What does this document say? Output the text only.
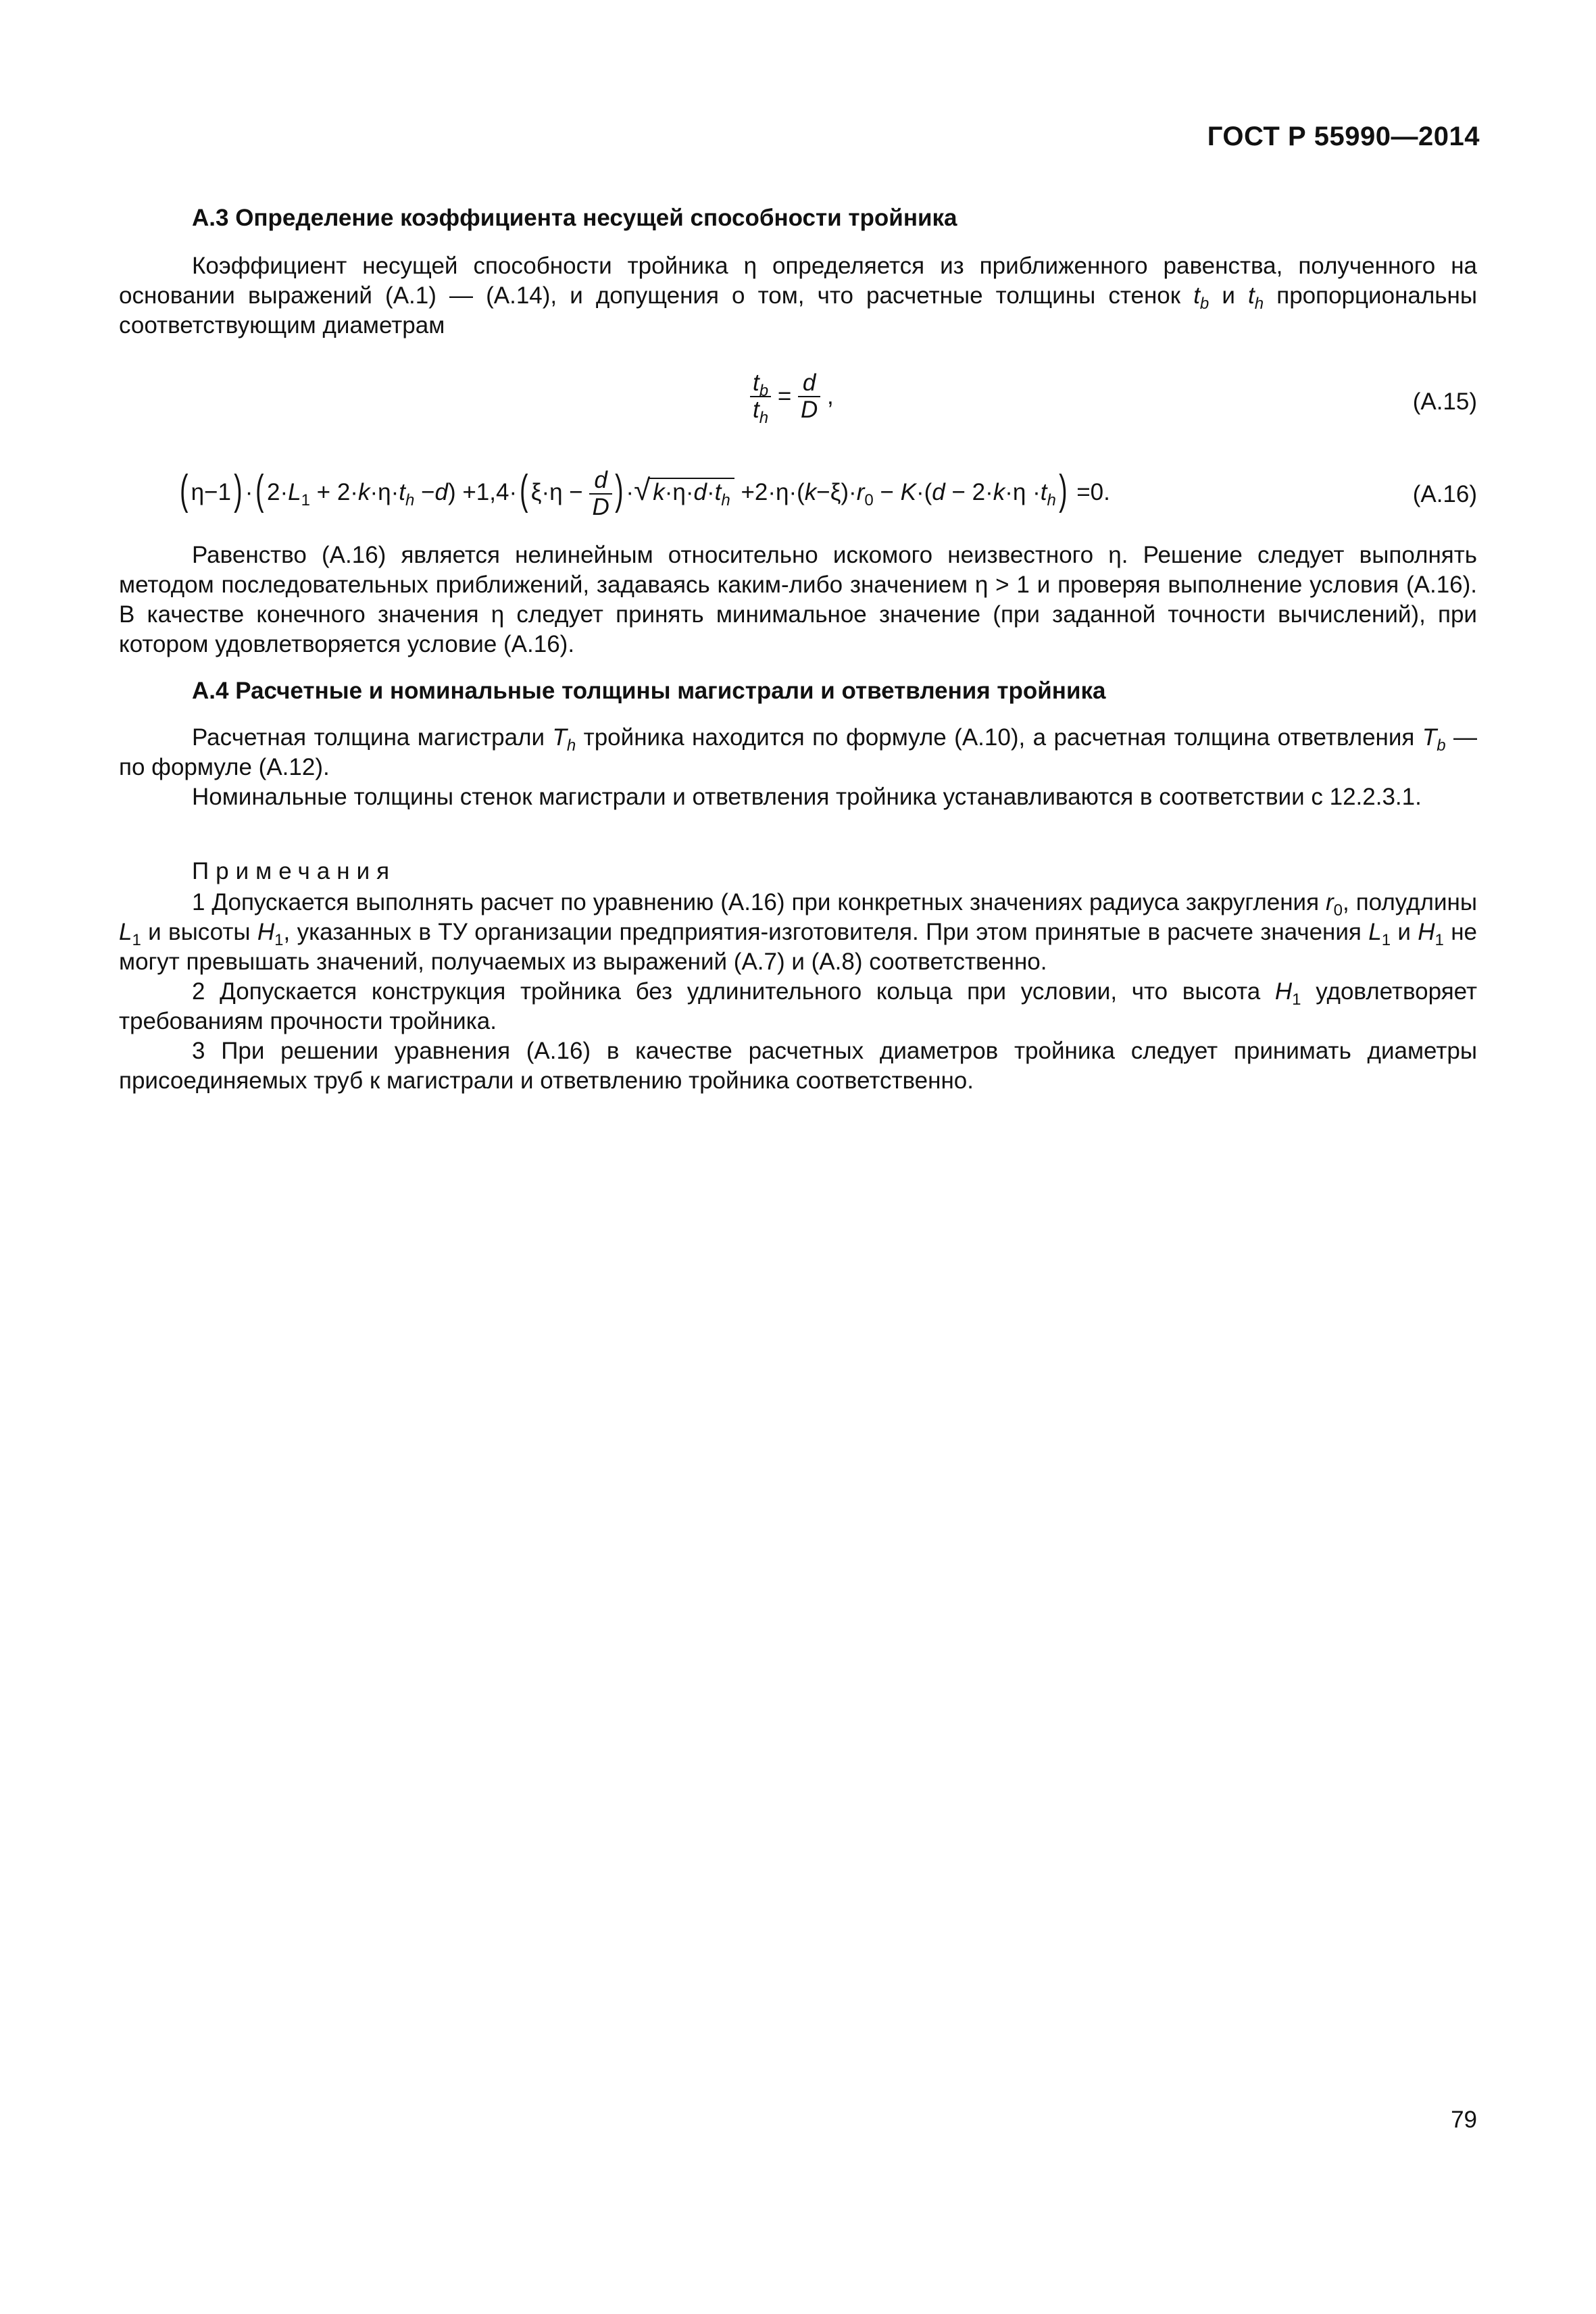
ГОСТ Р 55990—2014
А.3 Определение коэффициента несущей способности тройника

Коэффициент несущей способности тройника η определяется из приближенного равенства, полученного на основании выражений (А.1) — (А.14), и допущения о том, что расчетные толщины стенок $t_b$ и $t_h$ пропорциональны соответствующим диаметрам

$\frac{t_b}{t_h} = \frac{d}{D}$ ,	(А.15)
( η−1) ·( $2\cdot L_1 + 2\cdot k\cdot\eta\cdot t_h -d) +1,4\cdot$( $\xi\cdot\eta - \frac{d}{D}$ ) ·√ $k\cdot\eta\cdot d\cdot t_h +2\cdot\eta\cdot(k-\xi)\cdot r_0 - K\cdot(d - 2\cdot k\cdot\eta \cdot t_h) =0$.	(А.16)

Равенство (А.16) является нелинейным относительно искомого неизвестного η. Решение следует выполнять методом последовательных приближений, задаваясь каким-либо значением η > 1 и проверяя выполнение условия (А.16). В качестве конечного значения η следует принять минимальное значение (при заданной точности вычислений), при котором удовлетворяется условие (А.16).

А.4 Расчетные и номинальные толщины магистрали и ответвления тройника

Расчетная толщина магистрали $T_h$ тройника находится по формуле (А.10), а расчетная толщина ответвления $T_b$ — по формуле (А.12).

Номинальные толщины стенок магистрали и ответвления тройника устанавливаются в соответствии с 12.2.3.1.

Примечания

1 Допускается выполнять расчет по уравнению (А.16) при конкретных значениях радиуса закругления $r_0$, полудлины $L_1$ и высоты $H_1$, указанных в ТУ организации предприятия-изготовителя. При этом принятые в расчете значения $L_1$ и $H_1$ не могут превышать значений, получаемых из выражений (А.7) и (А.8) соответственно.

2 Допускается конструкция тройника без удлинительного кольца при условии, что высота $H_1$ удовлетворяет требованиям прочности тройника.

3 При решении уравнения (А.16) в качестве расчетных диаметров тройника следует принимать диаметры присоединяемых труб к магистрали и ответвлению тройника соответственно.

79
